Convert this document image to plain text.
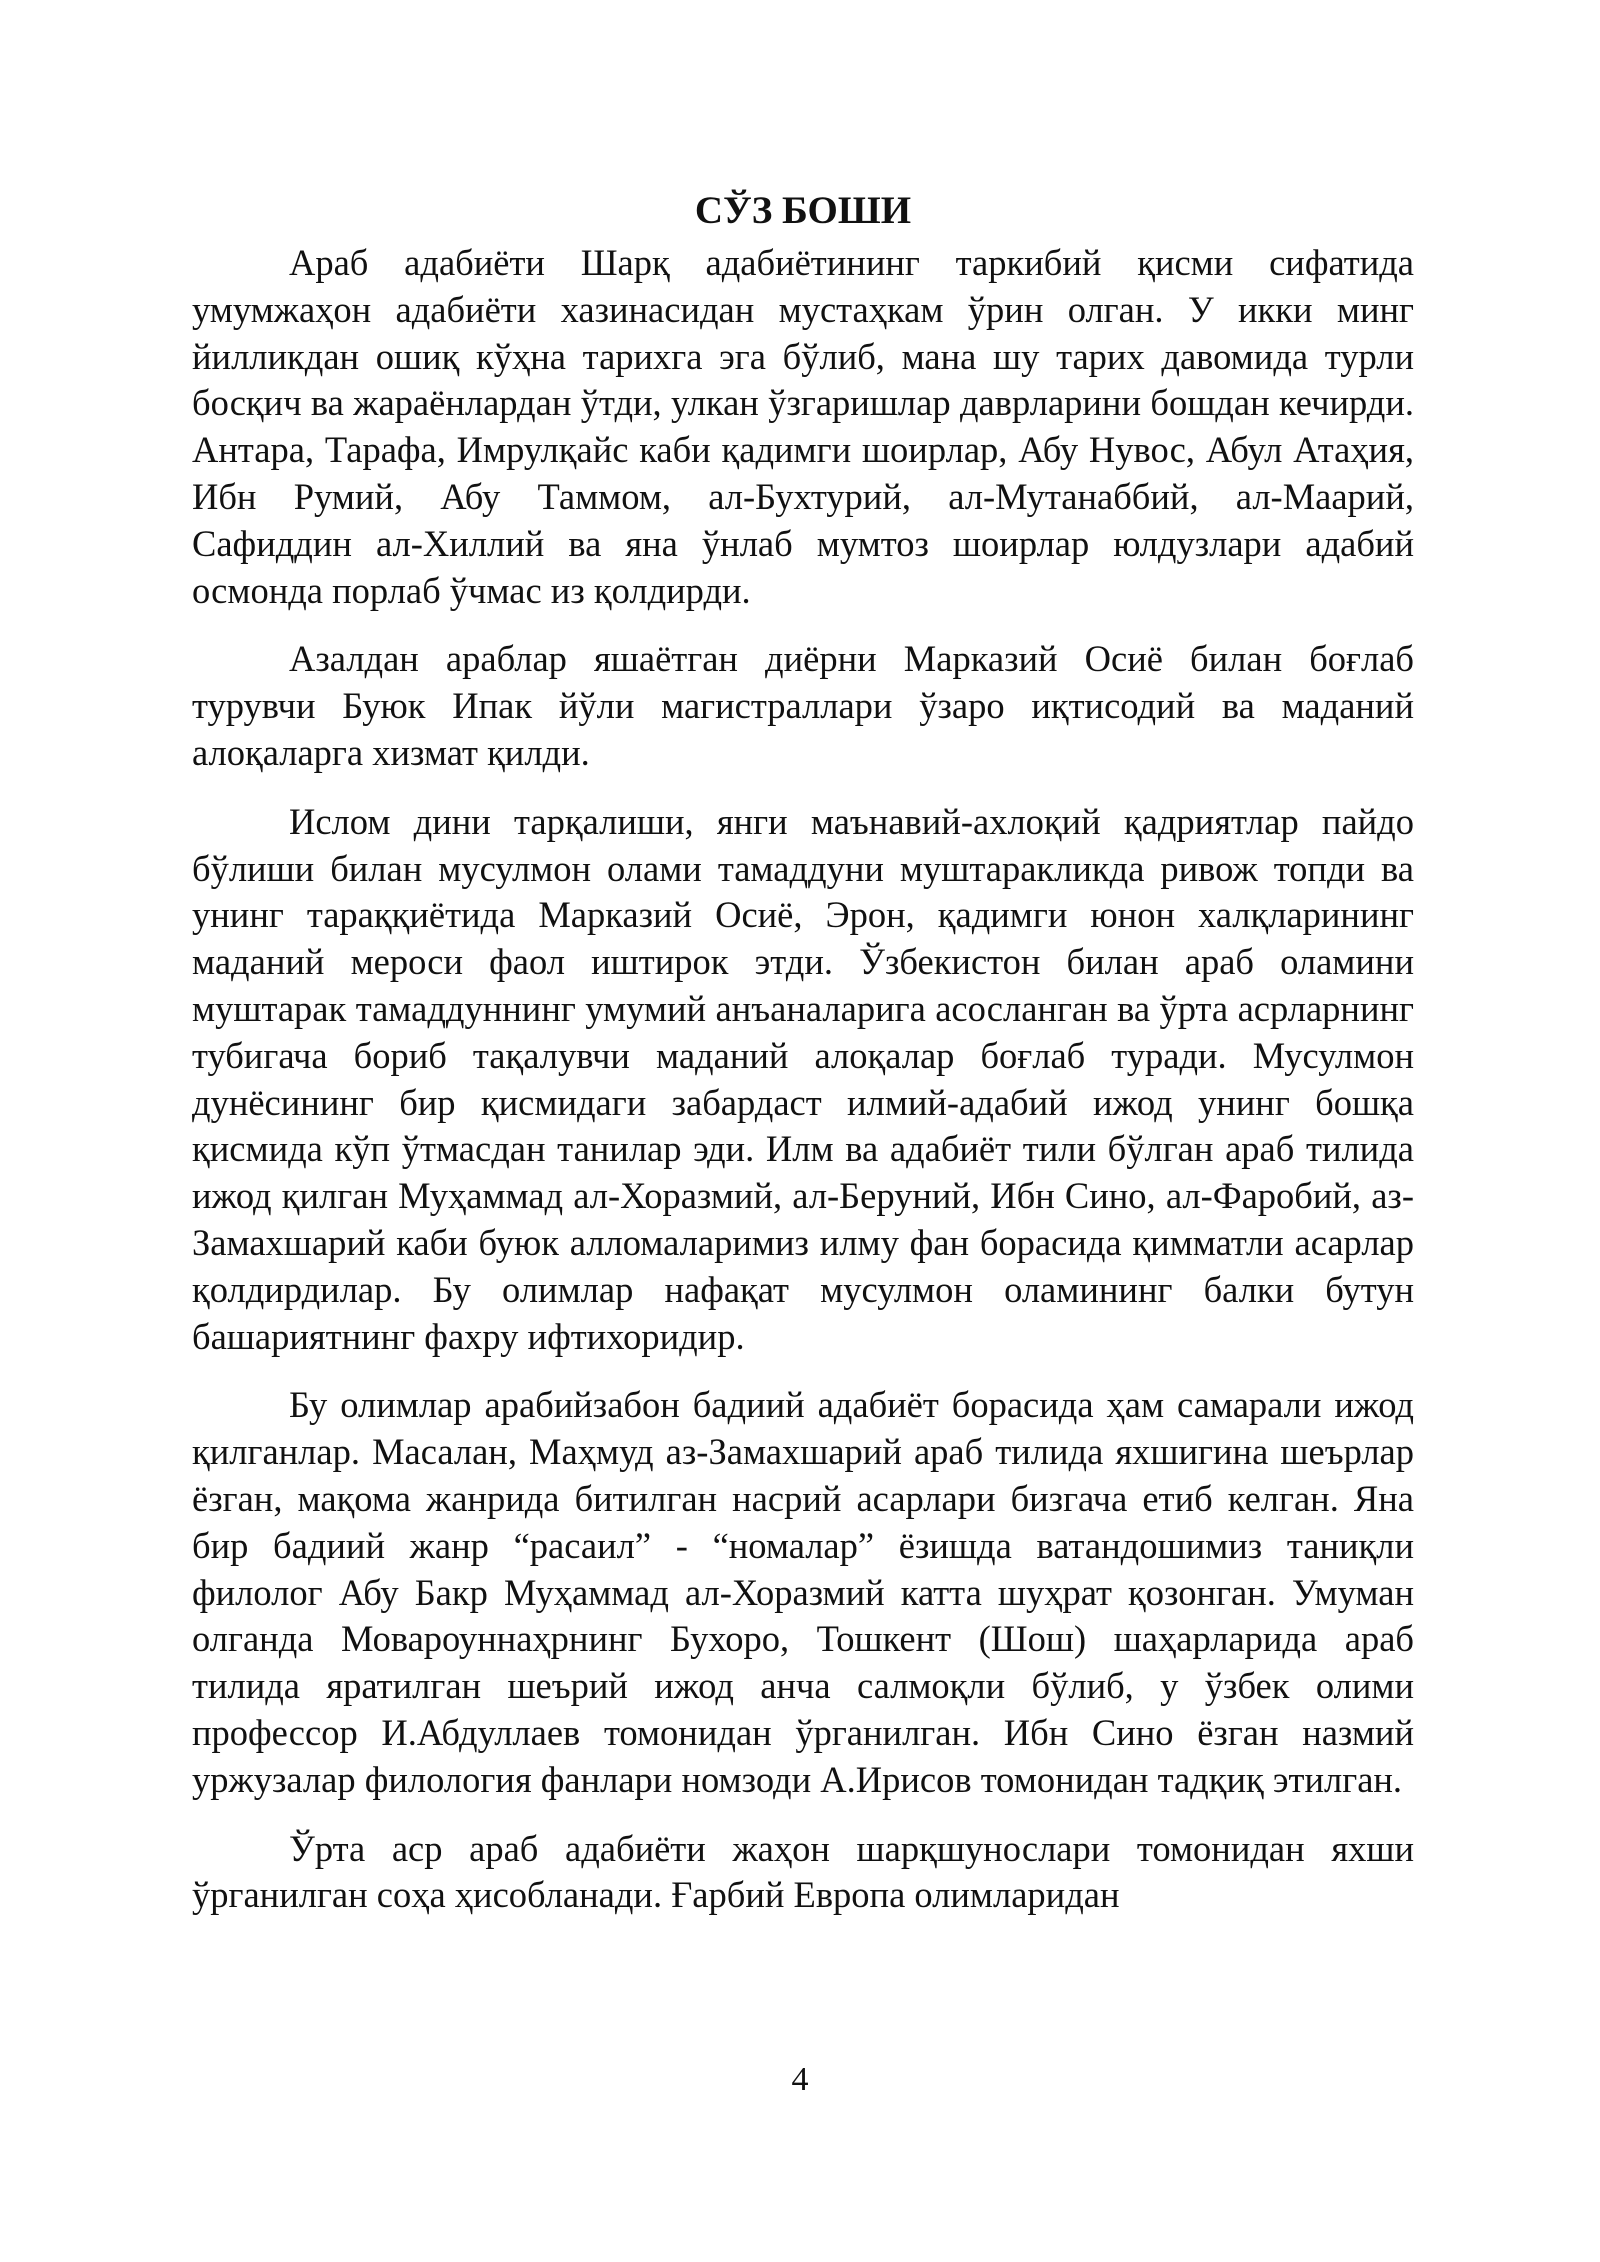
СЎЗ БОШИ

Араб адабиёти Шарқ адабиётининг таркибий қисми сифатида умумжаҳон адабиёти хазинасидан мустаҳкам ўрин олган. У икки минг йилликдан ошиқ кўҳна тарихга эга бўлиб, мана шу тарих давомида турли босқич ва жараёнлардан ўтди, улкан ўзгаришлар даврларини бошдан кечирди. Антара, Тарафа, Имрулқайс каби қадимги шоирлар, Абу Нувос, Абул Атаҳия, Ибн Румий, Абу Таммом, ал-Бухтурий, ал-Мутанаббий, ал-Маарий, Сафиддин ал-Хиллий ва яна ўнлаб мумтоз шоирлар юлдузлари адабий осмонда порлаб ўчмас из қолдирди.

Азалдан араблар яшаётган диёрни Марказий Осиё билан боғлаб турувчи Буюк Ипак йўли магистраллари ўзаро иқтисодий ва маданий алоқаларга хизмат қилди.

Ислом дини тарқалиши, янги маънавий-ахлоқий қадриятлар пайдо бўлиши билан мусулмон олами тамаддуни муштаракликда ривож топди ва унинг тараққиётида Марказий Осиё, Эрон, қадимги юнон халқларининг маданий мероси фаол иштирок этди. Ўзбекистон билан араб оламини муштарак тамаддуннинг умумий анъаналарига асосланган ва ўрта асрларнинг тубигача бориб тақалувчи маданий алоқалар боғлаб туради. Мусулмон дунёсининг бир қисмидаги забардаст илмий-адабий ижод унинг бошқа қисмида кўп ўтмасдан танилар эди. Илм ва адабиёт тили бўлган араб тилида ижод қилган Муҳаммад ал-Хоразмий, ал-Беруний, Ибн Сино, ал-Фаробий, аз-Замахшарий каби буюк алломаларимиз илму фан борасида қимматли асарлар қолдирдилар. Бу олимлар нафақат мусулмон оламининг балки бутун башариятнинг фахру ифтихоридир.

Бу олимлар арабийзабон бадиий адабиёт борасида ҳам самарали ижод қилганлар. Масалан, Маҳмуд аз-Замахшарий араб тилида яхшигина шеърлар ёзган, мақома жанрида битилган насрий асарлари бизгача етиб келган. Яна бир бадиий жанр “расаил” - “номалар” ёзишда ватандошимиз таниқли филолог Абу Бакр Муҳаммад ал-Хоразмий катта шуҳрат қозонган. Умуман олганда Мовароуннаҳрнинг Бухоро, Тошкент (Шош) шаҳарларида араб тилида яратилган шеърий ижод анча салмоқли бўлиб, у ўзбек олими профессор И.Абдуллаев томонидан ўрганилган. Ибн Сино ёзган назмий уржузалар филология фанлари номзоди А.Ирисов томонидан тадқиқ этилган.

Ўрта аср араб адабиёти жаҳон шарқшунослари томонидан яхши ўрганилган соҳа ҳисобланади. Ғарбий Европа олимларидан

4
